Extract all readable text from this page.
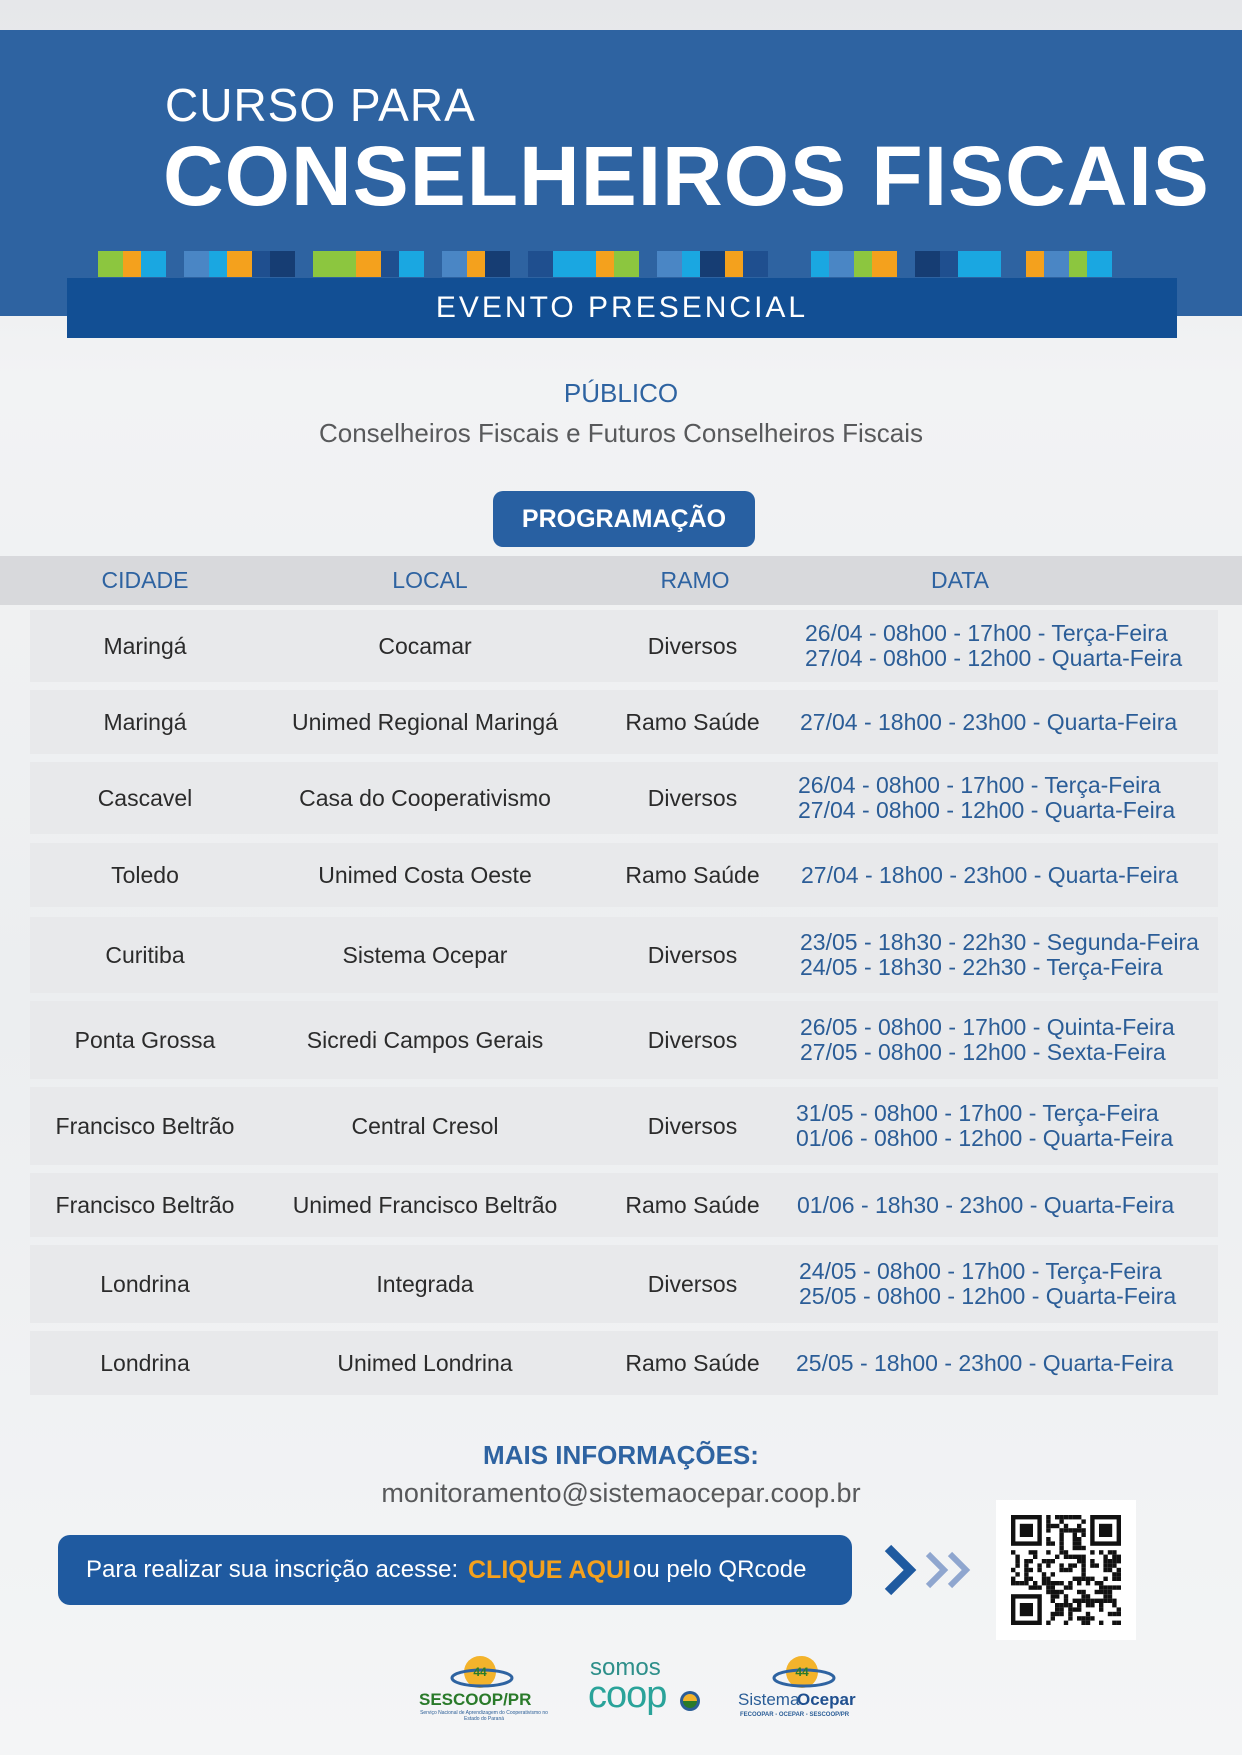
CURSO PARA
CONSELHEIROS FISCAIS
EVENTO PRESENCIAL
PÚBLICO
Conselheiros Fiscais e Futuros Conselheiros Fiscais
PROGRAMAÇÃO
CIDADE	LOCAL	RAMO	DATA
Maringá	Cocamar	Diversos	26/04 - 08h00 - 17h00 - Terça-Feira
27/04 - 08h00 - 12h00 - Quarta-Feira
Maringá	Unimed Regional Maringá	Ramo Saúde	27/04 - 18h00 - 23h00 - Quarta-Feira
Cascavel	Casa do Cooperativismo	Diversos	26/04 - 08h00 - 17h00 - Terça-Feira
27/04 - 08h00 - 12h00 - Quarta-Feira
Toledo	Unimed Costa Oeste	Ramo Saúde	27/04 - 18h00 - 23h00 - Quarta-Feira
Curitiba	Sistema Ocepar	Diversos	23/05 - 18h30 - 22h30 - Segunda-Feira
24/05 - 18h30 - 22h30 - Terça-Feira
Ponta Grossa	Sicredi Campos Gerais	Diversos	26/05 - 08h00 - 17h00 - Quinta-Feira
27/05 - 08h00 - 12h00 - Sexta-Feira
Francisco Beltrão	Central Cresol	Diversos	31/05 - 08h00 - 17h00 - Terça-Feira
01/06 - 08h00 - 12h00 - Quarta-Feira
Francisco Beltrão	Unimed Francisco Beltrão	Ramo Saúde	01/06 - 18h30 - 23h00 - Quarta-Feira
Londrina	Integrada	Diversos	24/05 - 08h00 - 17h00 - Terça-Feira
25/05 - 08h00 - 12h00 - Quarta-Feira
Londrina	Unimed Londrina	Ramo Saúde	25/05 - 18h00 - 23h00 - Quarta-Feira
MAIS INFORMAÇÕES:
monitoramento@sistemaocepar.coop.br
Para realizar sua inscrição acesse: CLIQUE AQUI ou pelo QRcode
44
SESCOOP/PR
Serviço Nacional de Aprendizagem do Cooperativismo no Estado do Paraná
somos
coop
44
Sistema
Ocepar
FECOOPAR - OCEPAR - SESCOOP/PR
